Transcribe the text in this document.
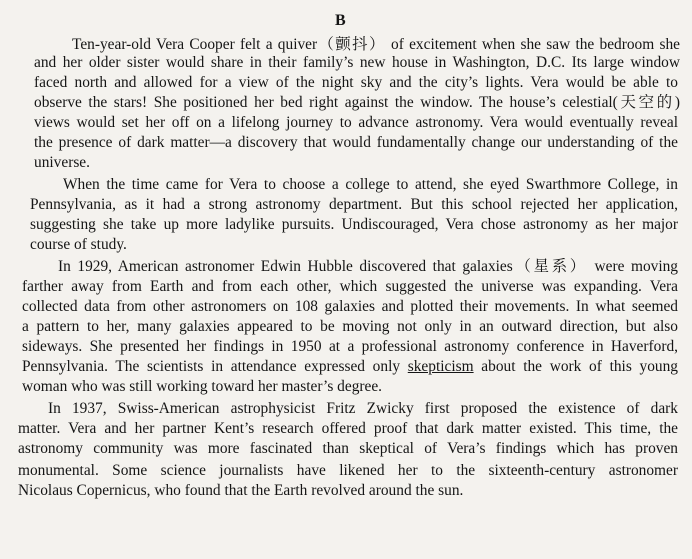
B
Ten-year-old Vera Cooper felt a quiver（颤抖） of excitement when she saw the bedroom she
and her older sister would share in their family’s new house in Washington, D.C. Its large window
faced north and allowed for a view of the night sky and the city’s lights. Vera would be able to
observe the stars! She positioned her bed right against the window. The house’s celestial(天空的)
views would set her off on a lifelong journey to advance astronomy. Vera would eventually reveal
the presence of dark matter—a discovery that would fundamentally change our understanding of the
universe.
When the time came for Vera to choose a college to attend, she eyed Swarthmore College, in
Pennsylvania, as it had a strong astronomy department. But this school rejected her application,
suggesting she take up more ladylike pursuits. Undiscouraged, Vera chose astronomy as her major
course of study.
In 1929, American astronomer Edwin Hubble discovered that galaxies（星系） were moving
farther away from Earth and from each other, which suggested the universe was expanding. Vera
collected data from other astronomers on 108 galaxies and plotted their movements. In what seemed
a pattern to her, many galaxies appeared to be moving not only in an outward direction, but also
sideways. She presented her findings in 1950 at a professional astronomy conference in Haverford,
Pennsylvania. The scientists in attendance expressed only skepticism about the work of this young
woman who was still working toward her master’s degree.
In 1937, Swiss-American astrophysicist Fritz Zwicky first proposed the existence of dark
matter. Vera and her partner Kent’s research offered proof that dark matter existed. This time, the
astronomy community was more fascinated than skeptical of Vera’s findings which has proven
monumental. Some science journalists have likened her to the sixteenth-century astronomer
Nicolaus Copernicus, who found that the Earth revolved around the sun.
